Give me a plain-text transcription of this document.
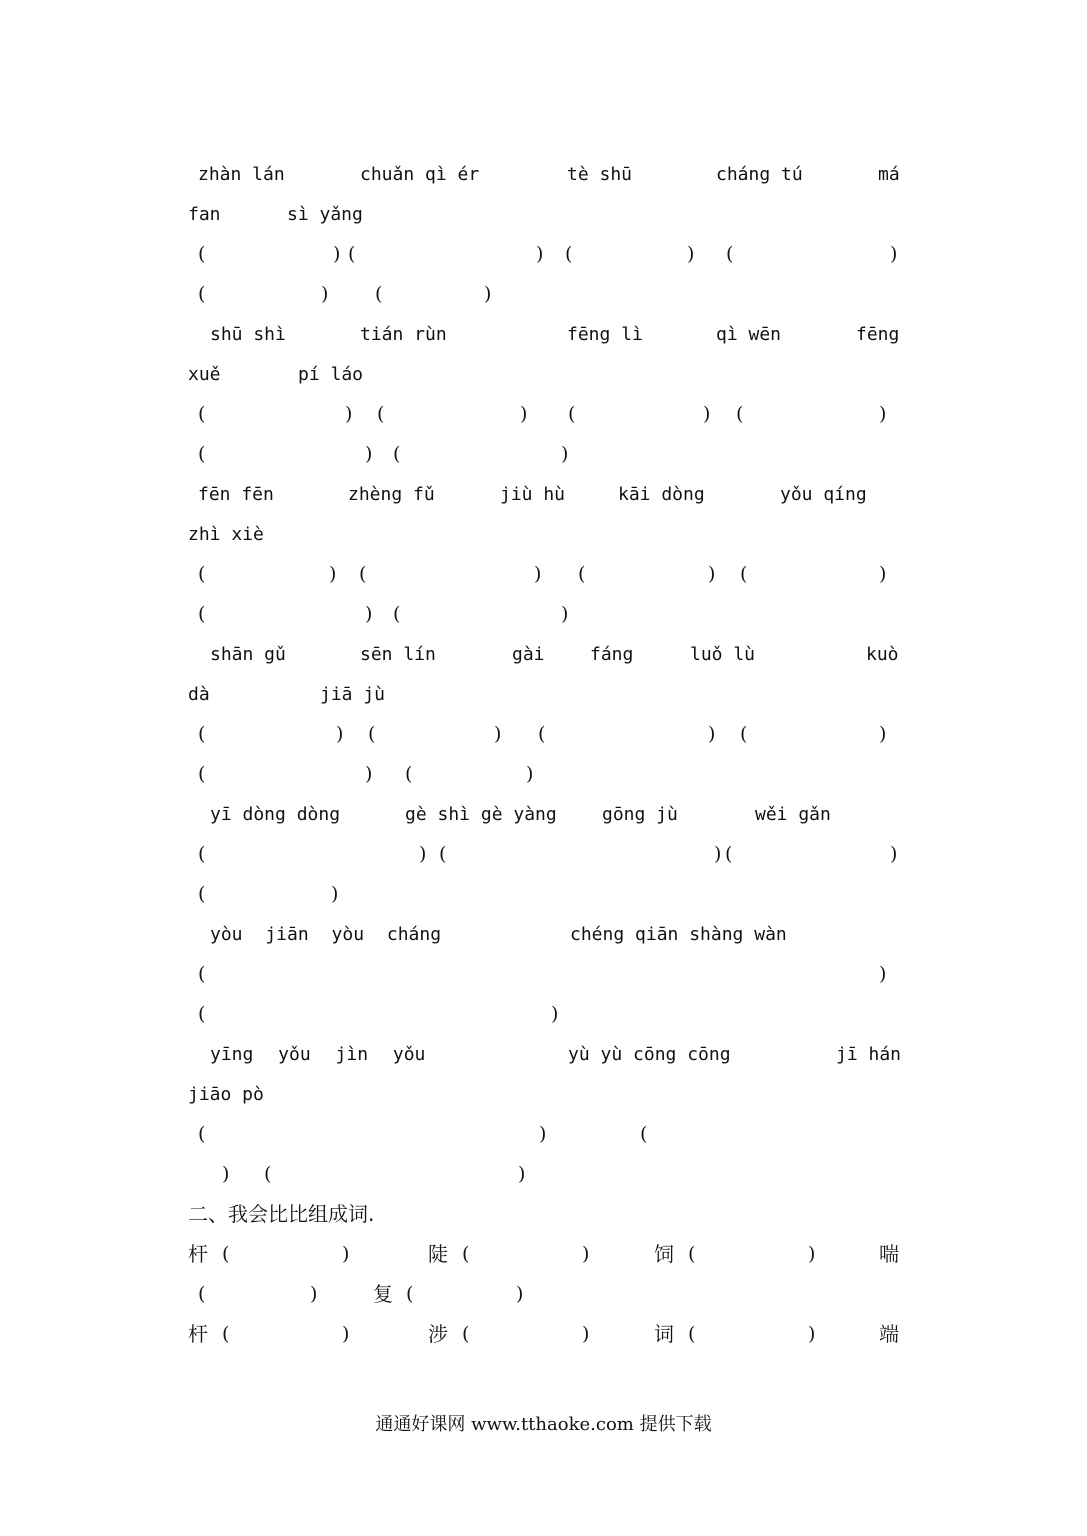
zhàn lán	chuǎn qì ér	tè shū	cháng tú	má
fan	sì yǎng
(	) (	) (	) (	)
(	) (	)
shū shì	tián rùn	fēng lì	qì wēn	fēng
xuě	pí láo
(	) (	) (	) (	)
(	) (	)
fēn fēn	zhèng fǔ	jiù hù	kāi dòng	yǒu qíng
zhì xiè
(	) (	) (	) (	)
(	) (	)
shān gǔ	sēn lín	gài	fáng	luǒ lù	kuò
dà	jiā jù
(	) (	) (	) (	)
(	) (	)
yī dòng dòng	gè shì gè yàng	gōng jù	wěi gǎn
(	) (	) (	)
(	)
yòu jiān yòu cháng	chéng qiān shàng wàn
(	)
(	)
yīng yǒu jìn yǒu	yù yù cōng cōng	jī hán
jiāo pò
(	)	(
) (	)
二、我会比比组成词.
杆 (	)	陡 (	)	饲 (	)	喘
(	)	复 (	)
杆 (	)	涉 (	)	词 (	)	端
通通好课网 www.tthaoke.com 提供下载
